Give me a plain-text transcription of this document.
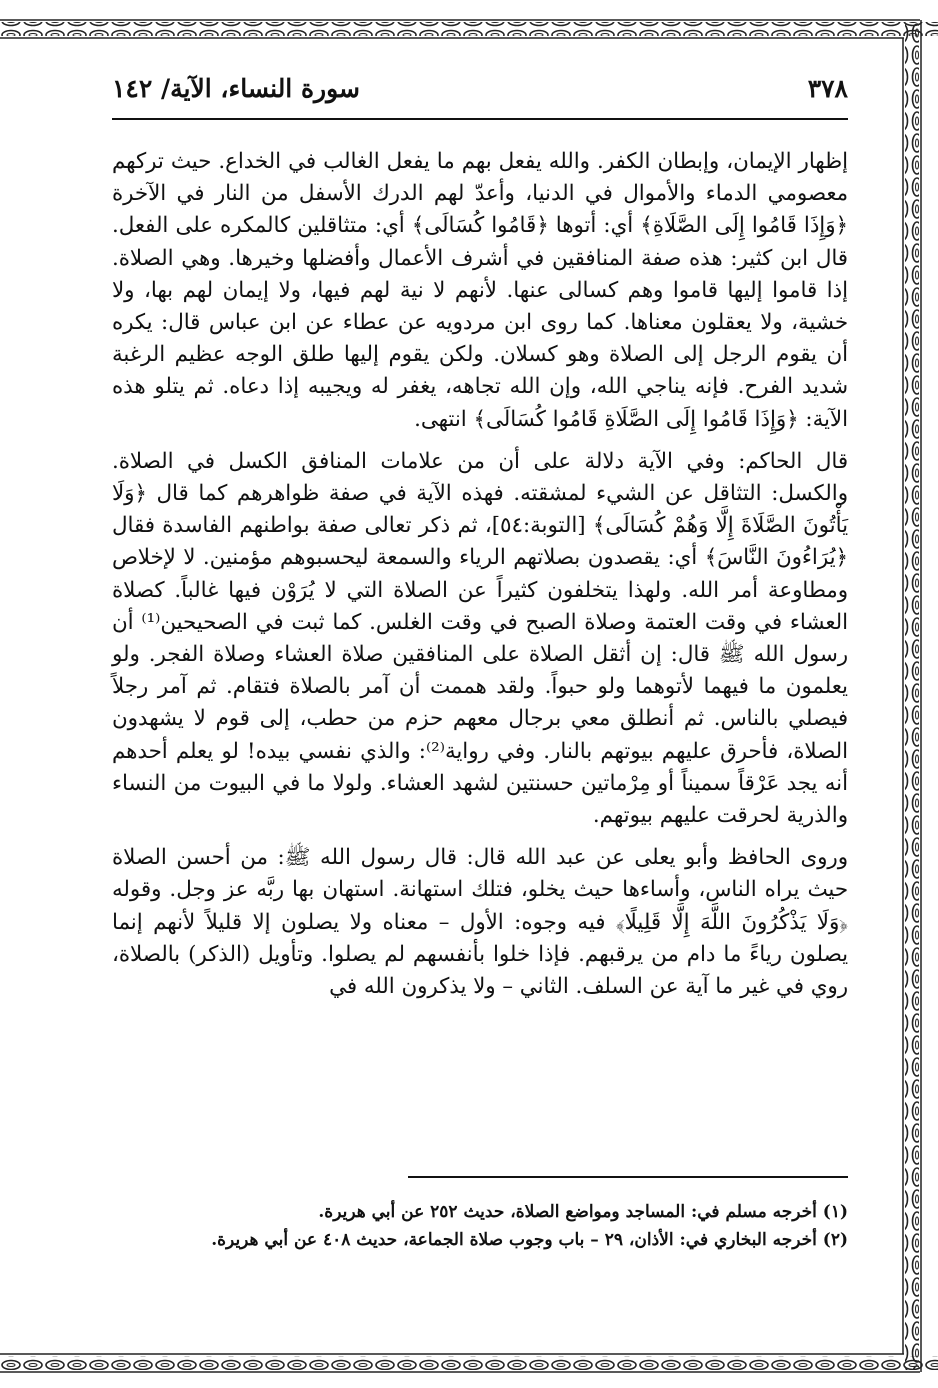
٣٧٨
سورة النساء، الآية/ ١٤٢

إظهار الإيمان، وإبطان الكفر. والله يفعل بهم ما يفعل الغالب في الخداع. حيث تركهم معصومي الدماء والأموال في الدنيا، وأعدّ لهم الدرك الأسفل من النار في الآخرة ﴿وَإِذَا قَامُوا إِلَى الصَّلَاةِ﴾ أي: أتوها ﴿قَامُوا كُسَالَى﴾ أي: متثاقلين كالمكره على الفعل. قال ابن كثير: هذه صفة المنافقين في أشرف الأعمال وأفضلها وخيرها. وهي الصلاة. إذا قاموا إليها قاموا وهم كسالى عنها. لأنهم لا نية لهم فيها، ولا إيمان لهم بها، ولا خشية، ولا يعقلون معناها. كما روى ابن مردويه عن عطاء عن ابن عباس قال: يكره أن يقوم الرجل إلى الصلاة وهو كسلان. ولكن يقوم إليها طلق الوجه عظيم الرغبة شديد الفرح. فإنه يناجي الله، وإن الله تجاهه، يغفر له ويجيبه إذا دعاه. ثم يتلو هذه الآية: ﴿وَإِذَا قَامُوا إِلَى الصَّلَاةِ قَامُوا كُسَالَى﴾ انتهى.

قال الحاكم: وفي الآية دلالة على أن من علامات المنافق الكسل في الصلاة. والكسل: التثاقل عن الشيء لمشقته. فهذه الآية في صفة ظواهرهم كما قال ﴿وَلَا يَأْتُونَ الصَّلَاةَ إِلَّا وَهُمْ كُسَالَى﴾ [التوبة:٥٤]، ثم ذكر تعالى صفة بواطنهم الفاسدة فقال ﴿يُرَاءُونَ النَّاسَ﴾ أي: يقصدون بصلاتهم الرياء والسمعة ليحسبوهم مؤمنين. لا لإخلاص ومطاوعة أمر الله. ولهذا يتخلفون كثيراً عن الصلاة التي لا يُرَوْن فيها غالباً. كصلاة العشاء في وقت العتمة وصلاة الصبح في وقت الغلس. كما ثبت في الصحيحين⁽¹⁾ أن رسول الله ﷺ قال: إن أثقل الصلاة على المنافقين صلاة العشاء وصلاة الفجر. ولو يعلمون ما فيهما لأتوهما ولو حبواً. ولقد هممت أن آمر بالصلاة فتقام. ثم آمر رجلاً فيصلي بالناس. ثم أنطلق معي برجال معهم حزم من حطب، إلى قوم لا يشهدون الصلاة، فأحرق عليهم بيوتهم بالنار. وفي رواية⁽²⁾: والذي نفسي بيده! لو يعلم أحدهم أنه يجد عَرْقاً سميناً أو مِرْماتين حسنتين لشهد العشاء. ولولا ما في البيوت من النساء والذرية لحرقت عليهم بيوتهم.

وروى الحافظ وأبو يعلى عن عبد الله قال: قال رسول الله ﷺ: من أحسن الصلاة حيث يراه الناس، وأساءها حيث يخلو، فتلك استهانة. استهان بها ربَّه عز وجل. وقوله ﴿وَلَا يَذْكُرُونَ اللَّهَ إِلَّا قَلِيلًا﴾ فيه وجوه: الأول – معناه ولا يصلون إلا قليلاً لأنهم إنما يصلون رياءً ما دام من يرقبهم. فإذا خلوا بأنفسهم لم يصلوا. وتأويل (الذكر) بالصلاة، روي في غير ما آية عن السلف. الثاني – ولا يذكرون الله في

(١) أخرجه مسلم في: المساجد ومواضع الصلاة، حديث ٢٥٢ عن أبي هريرة.
(٢) أخرجه البخاري في: الأذان، ٢٩ – باب وجوب صلاة الجماعة، حديث ٤٠٨ عن أبي هريرة.
